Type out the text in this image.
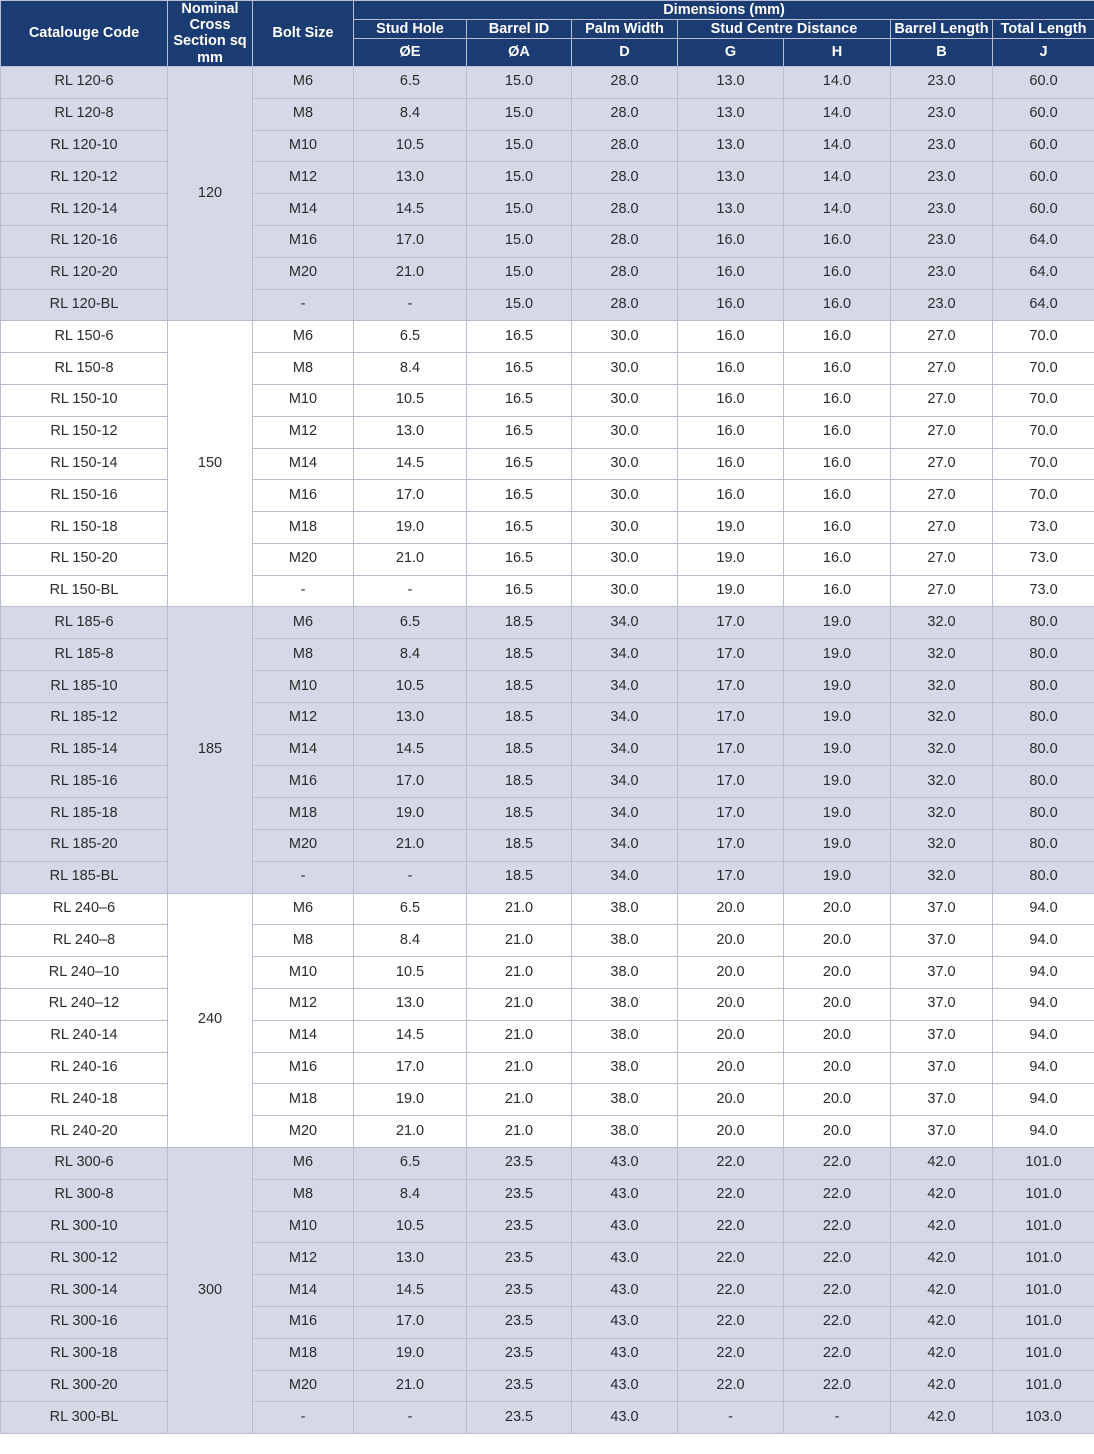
Catalouge Code	Nominal Cross Section sq mm	Bolt Size	Dimensions (mm)						
			Stud Hole	Barrel ID	Palm Width	Stud Centre Distance		Barrel Length	Total Length
			ØE	ØA	D	G	H	B	J
RL 120-6	120	M6	6.5	15.0	28.0	13.0	14.0	23.0	60.0
RL 120-8		M8	8.4	15.0	28.0	13.0	14.0	23.0	60.0
RL 120-10		M10	10.5	15.0	28.0	13.0	14.0	23.0	60.0
RL 120-12		M12	13.0	15.0	28.0	13.0	14.0	23.0	60.0
RL 120-14		M14	14.5	15.0	28.0	13.0	14.0	23.0	60.0
RL 120-16		M16	17.0	15.0	28.0	16.0	16.0	23.0	64.0
RL 120-20		M20	21.0	15.0	28.0	16.0	16.0	23.0	64.0
RL 120-BL		-	-	15.0	28.0	16.0	16.0	23.0	64.0
RL 150-6	150	M6	6.5	16.5	30.0	16.0	16.0	27.0	70.0
RL 150-8		M8	8.4	16.5	30.0	16.0	16.0	27.0	70.0
RL 150-10		M10	10.5	16.5	30.0	16.0	16.0	27.0	70.0
RL 150-12		M12	13.0	16.5	30.0	16.0	16.0	27.0	70.0
RL 150-14		M14	14.5	16.5	30.0	16.0	16.0	27.0	70.0
RL 150-16		M16	17.0	16.5	30.0	16.0	16.0	27.0	70.0
RL 150-18		M18	19.0	16.5	30.0	19.0	16.0	27.0	73.0
RL 150-20		M20	21.0	16.5	30.0	19.0	16.0	27.0	73.0
RL 150-BL		-	-	16.5	30.0	19.0	16.0	27.0	73.0
RL 185-6	185	M6	6.5	18.5	34.0	17.0	19.0	32.0	80.0
RL 185-8		M8	8.4	18.5	34.0	17.0	19.0	32.0	80.0
RL 185-10		M10	10.5	18.5	34.0	17.0	19.0	32.0	80.0
RL 185-12		M12	13.0	18.5	34.0	17.0	19.0	32.0	80.0
RL 185-14		M14	14.5	18.5	34.0	17.0	19.0	32.0	80.0
RL 185-16		M16	17.0	18.5	34.0	17.0	19.0	32.0	80.0
RL 185-18		M18	19.0	18.5	34.0	17.0	19.0	32.0	80.0
RL 185-20		M20	21.0	18.5	34.0	17.0	19.0	32.0	80.0
RL 185-BL		-	-	18.5	34.0	17.0	19.0	32.0	80.0
RL 240–6	240	M6	6.5	21.0	38.0	20.0	20.0	37.0	94.0
RL 240–8		M8	8.4	21.0	38.0	20.0	20.0	37.0	94.0
RL 240–10		M10	10.5	21.0	38.0	20.0	20.0	37.0	94.0
RL 240–12		M12	13.0	21.0	38.0	20.0	20.0	37.0	94.0
RL 240-14		M14	14.5	21.0	38.0	20.0	20.0	37.0	94.0
RL 240-16		M16	17.0	21.0	38.0	20.0	20.0	37.0	94.0
RL 240-18		M18	19.0	21.0	38.0	20.0	20.0	37.0	94.0
RL 240-20		M20	21.0	21.0	38.0	20.0	20.0	37.0	94.0
RL 300-6	300	M6	6.5	23.5	43.0	22.0	22.0	42.0	101.0
RL 300-8		M8	8.4	23.5	43.0	22.0	22.0	42.0	101.0
RL 300-10		M10	10.5	23.5	43.0	22.0	22.0	42.0	101.0
RL 300-12		M12	13.0	23.5	43.0	22.0	22.0	42.0	101.0
RL 300-14		M14	14.5	23.5	43.0	22.0	22.0	42.0	101.0
RL 300-16		M16	17.0	23.5	43.0	22.0	22.0	42.0	101.0
RL 300-18		M18	19.0	23.5	43.0	22.0	22.0	42.0	101.0
RL 300-20		M20	21.0	23.5	43.0	22.0	22.0	42.0	101.0
RL 300-BL		-	-	23.5	43.0	-	-	42.0	103.0
